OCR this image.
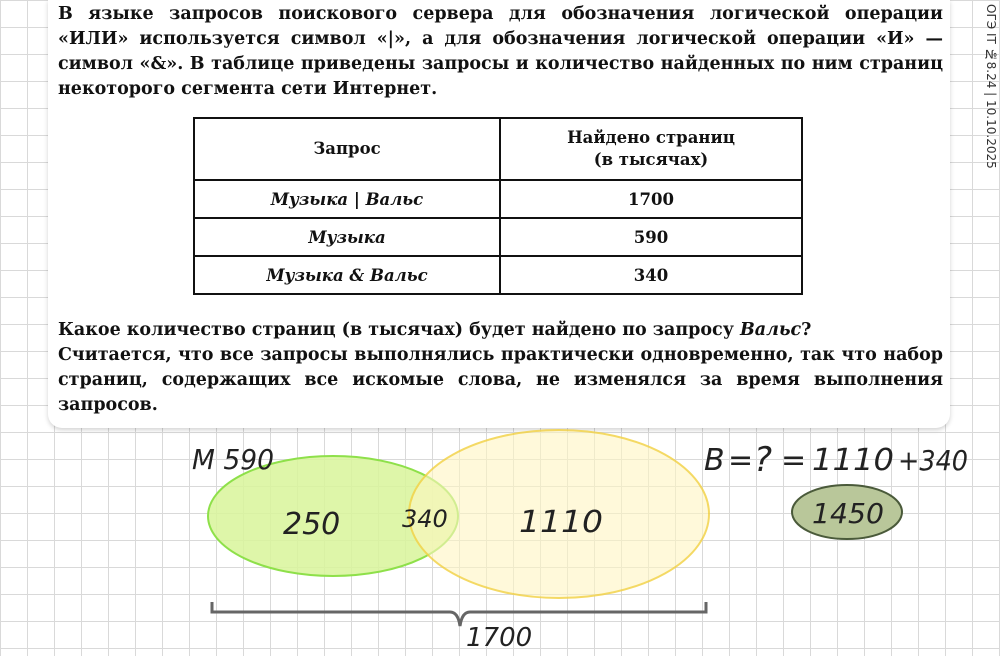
В языке запросов поискового сервера для обозначения логической операции «ИЛИ» используется символ «|», а для обозначения логической операции «И» — символ «&». В таблице приведены запросы и количество найденных по ним страниц некоторого сегмента сети Интернет.

Запрос	Найдено страниц
(в тысячах)
Музыка | Вальс	1700
Музыка	590
Музыка & Вальс	340
Какое количество страниц (в тысячах) будет найдено по запросу Вальс?
Считается, что все запросы выполнялись практически одновременно, так что набор страниц, содержащих все искомые слова, не изменялся за время выполнения запросов.
ОГЭ IT №8.24 | 10.10.2025
M 590
250	340 1110
1700
B = ? = 1110 +340
1450
